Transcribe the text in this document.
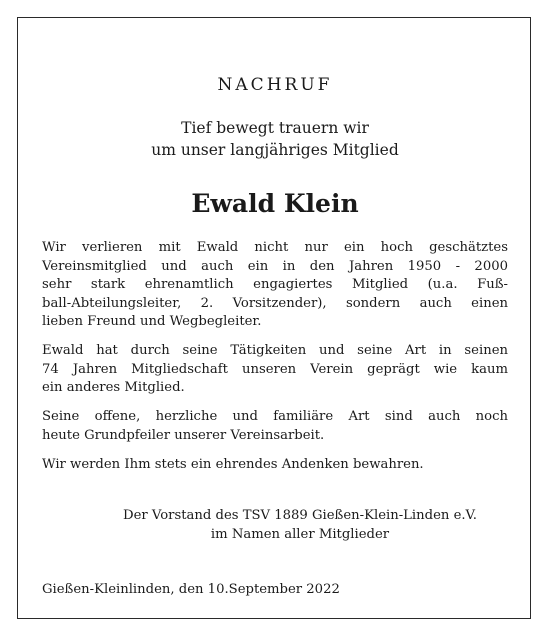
NACHRUF
Tief bewegt trauern wir
um unser langjähriges Mitglied
Ewald Klein
Wir verlieren mit Ewald nicht nur ein hoch geschätztes
Vereinsmitglied und auch ein in den Jahren 1950 - 2000
sehr stark ehrenamtlich engagiertes Mitglied (u.a. Fuß-
ball-Abteilungsleiter, 2. Vorsitzender), sondern auch einen
lieben Freund und Wegbegleiter.
Ewald hat durch seine Tätigkeiten und seine Art in seinen
74 Jahren Mitgliedschaft unseren Verein geprägt wie kaum
ein anderes Mitglied.
Seine offene, herzliche und familiäre Art sind auch noch
heute Grundpfeiler unserer Vereinsarbeit.
Wir werden Ihm stets ein ehrendes Andenken bewahren.
Der Vorstand des TSV 1889 Gießen-Klein-Linden e.V.
im Namen aller Mitglieder
Gießen-Kleinlinden, den 10.September 2022
